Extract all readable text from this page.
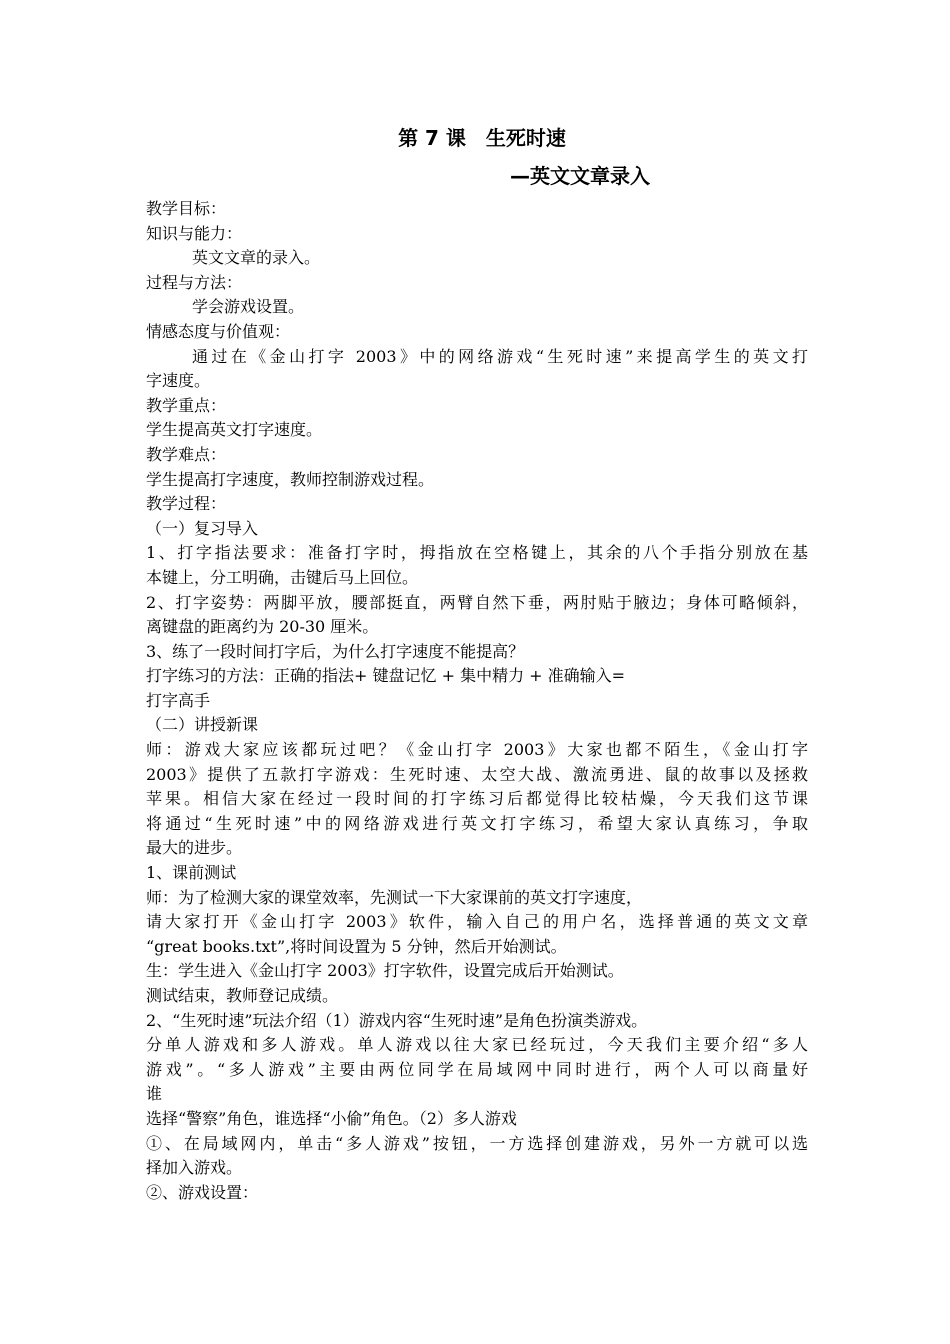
第 7 课　生死时速
—英文文章录入
教学目标：
知识与能力：
英文文章的录入。
过程与方法：
学会游戏设置。
情感态度与价值观：
通过在《金山打字 2003》中的网络游戏“生死时速”来提高学生的英文打
字速度。
教学重点：
学生提高英文打字速度。
教学难点：
学生提高打字速度，教师控制游戏过程。
教学过程：
（一）复习导入
1、打字指法要求：准备打字时，拇指放在空格键上，其余的八个手指分别放在基
本键上，分工明确，击键后马上回位。
2、打字姿势：两脚平放，腰部挺直，两臂自然下垂，两肘贴于腋边；身体可略倾斜，
离键盘的距离约为 20-30 厘米。
3、练了一段时间打字后，为什么打字速度不能提高？
打字练习的方法：正确的指法+ 键盘记忆 + 集中精力 + 准确输入=
打字高手
（二）讲授新课
师：游戏大家应该都玩过吧？《金山打字 2003》大家也都不陌生，《金山打字
2003》提供了五款打字游戏：生死时速、太空大战、激流勇进、鼠的故事以及拯救
苹果。相信大家在经过一段时间的打字练习后都觉得比较枯燥，今天我们这节课
将通过“生死时速”中的网络游戏进行英文打字练习，希望大家认真练习，争取
最大的进步。
1、课前测试
师：为了检测大家的课堂效率，先测试一下大家课前的英文打字速度，
请大家打开《金山打字 2003》软件，输入自己的用户名，选择普通的英文文章
“great books.txt”,将时间设置为 5 分钟，然后开始测试。
生：学生进入《金山打字 2003》打字软件，设置完成后开始测试。
测试结束，教师登记成绩。
2、“生死时速”玩法介绍（1）游戏内容“生死时速”是角色扮演类游戏。
分单人游戏和多人游戏。单人游戏以往大家已经玩过，今天我们主要介绍“多人
游戏”。“多人游戏”主要由两位同学在局域网中同时进行，两个人可以商量好
谁
选择“警察”角色，谁选择“小偷”角色。（2）多人游戏
①、在局域网内，单击“多人游戏”按钮，一方选择创建游戏，另外一方就可以选
择加入游戏。
②、游戏设置：
